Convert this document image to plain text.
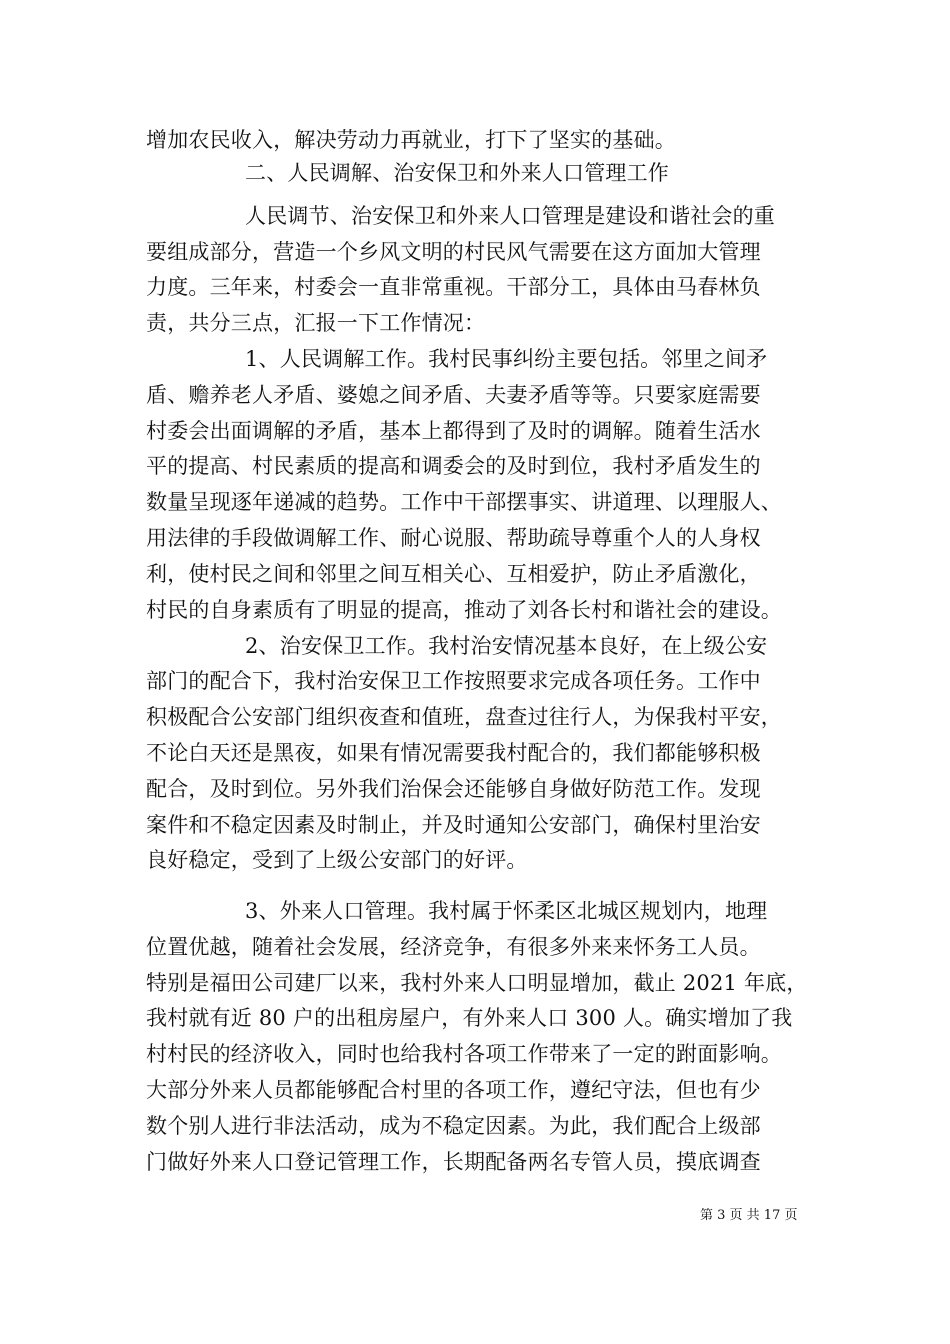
增加农民收入，解决劳动力再就业，打下了坚实的基础。
二、人民调解、治安保卫和外来人口管理工作
人民调节、治安保卫和外来人口管理是建设和谐社会的重
要组成部分，营造一个乡风文明的村民风气需要在这方面加大管理
力度。三年来，村委会一直非常重视。干部分工，具体由马春林负
责，共分三点，汇报一下工作情况：
1、人民调解工作。我村民事纠纷主要包括。邻里之间矛
盾、赡养老人矛盾、婆媳之间矛盾、夫妻矛盾等等。只要家庭需要
村委会出面调解的矛盾，基本上都得到了及时的调解。随着生活水
平的提高、村民素质的提高和调委会的及时到位，我村矛盾发生的
数量呈现逐年递减的趋势。工作中干部摆事实、讲道理、以理服人、
用法律的手段做调解工作、耐心说服、帮助疏导尊重个人的人身权
利，使村民之间和邻里之间互相关心、互相爱护，防止矛盾激化，
村民的自身素质有了明显的提高，推动了刘各长村和谐社会的建设。
2、治安保卫工作。我村治安情况基本良好，在上级公安
部门的配合下，我村治安保卫工作按照要求完成各项任务。工作中
积极配合公安部门组织夜查和值班，盘查过往行人，为保我村平安，
不论白天还是黑夜，如果有情况需要我村配合的，我们都能够积极
配合，及时到位。另外我们治保会还能够自身做好防范工作。发现
案件和不稳定因素及时制止，并及时通知公安部门，确保村里治安
良好稳定，受到了上级公安部门的好评。
3、外来人口管理。我村属于怀柔区北城区规划内，地理
位置优越，随着社会发展，经济竞争，有很多外来来怀务工人员。
特别是福田公司建厂以来，我村外来人口明显增加，截止 2021 年底，
我村就有近 80 户的出租房屋户，有外来人口 300 人。确实增加了我
村村民的经济收入，同时也给我村各项工作带来了一定的跗面影响。
大部分外来人员都能够配合村里的各项工作，遵纪守法，但也有少
数个别人进行非法活动，成为不稳定因素。为此，我们配合上级部
门做好外来人口登记管理工作，长期配备两名专管人员，摸底调查
第 3 页 共 17 页
